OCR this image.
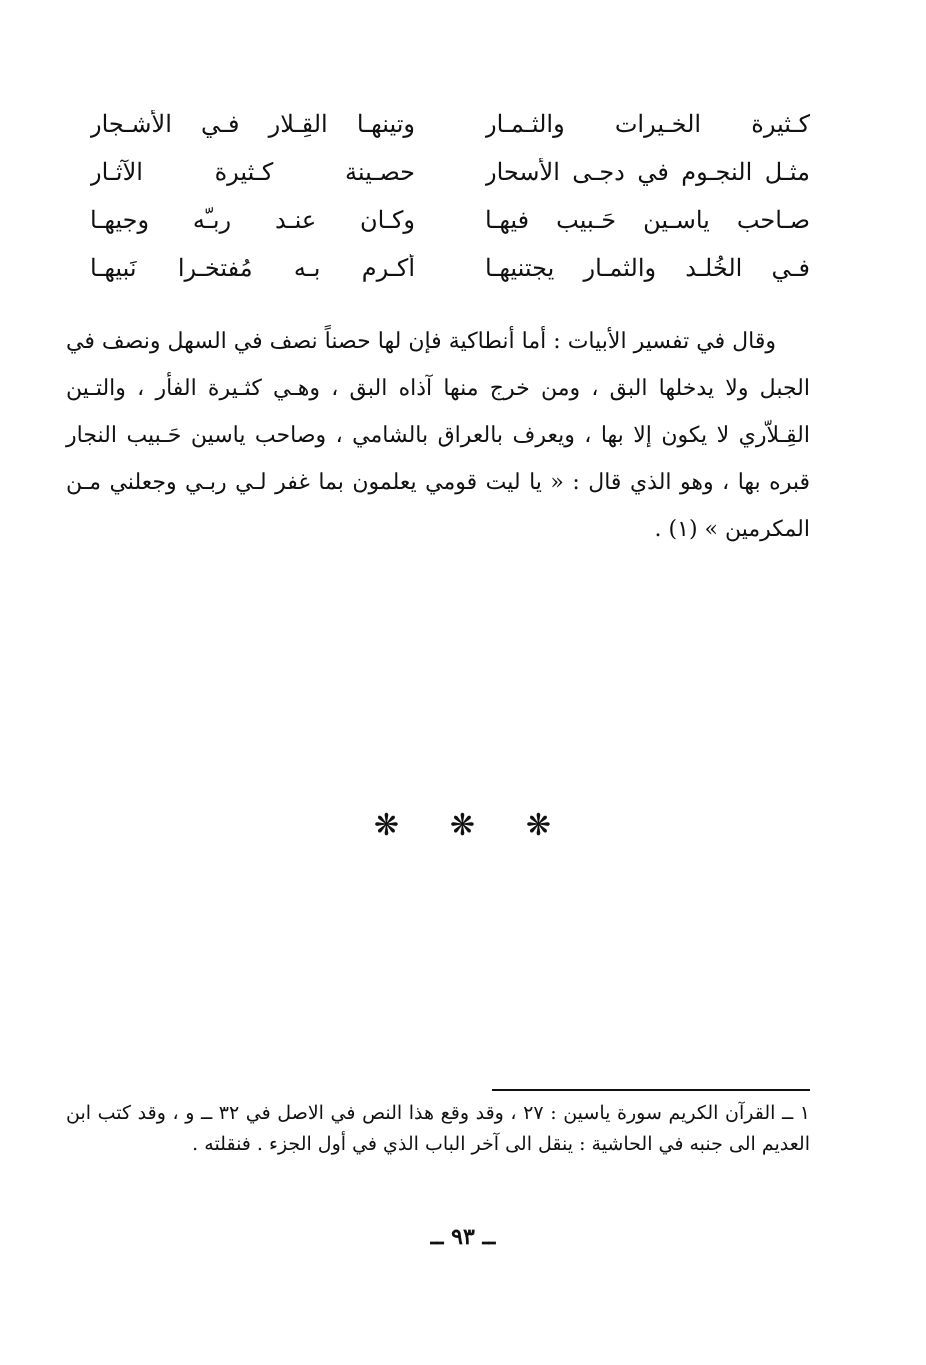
كـثيرة الخـيرات والثـمـار
وتينهـا القِـلار فـي الأشـجار
مثـل النجـوم في دجـى الأسحار
حصـينة كـثيرة الآثـار
صـاحب ياسـين حَـبيب فيهـا
وكـان عنـد ربـّه وجيهـا
فـي الخُلـد والثمـار يجتنيهـا
أكـرم بـه مُفتخـرا نَبيهـا

وقال في تفسير الأبيات : أما أنطاكية فإن لها حصناً نصف في السهل ونصف في الجبل ولا يدخلها البق ، ومن خرج منها آذاه البق ، وهـي كثـيرة الفأر ، والتـين القِـلاّري لا يكون إلا بها ، ويعرف بالعراق بالشامي ، وصاحب ياسين حَـبيب النجار قبره بها ، وهو الذي قال : « يا ليت قومي يعلمون بما غفر لـي ربـي وجعلني مـن المكرمين » (١) .

❋
❋
❋

١ ــ القرآن الكريم سورة ياسين : ٢٧ ، وقد وقع هذا النص في الاصل في ٣٢ ــ و ، وقد كتب ابن العديم الى جنبه في الحاشية : ينقل الى آخر الباب الذي في أول الجزء . فنقلته .

ــ ٩٣ ــ
